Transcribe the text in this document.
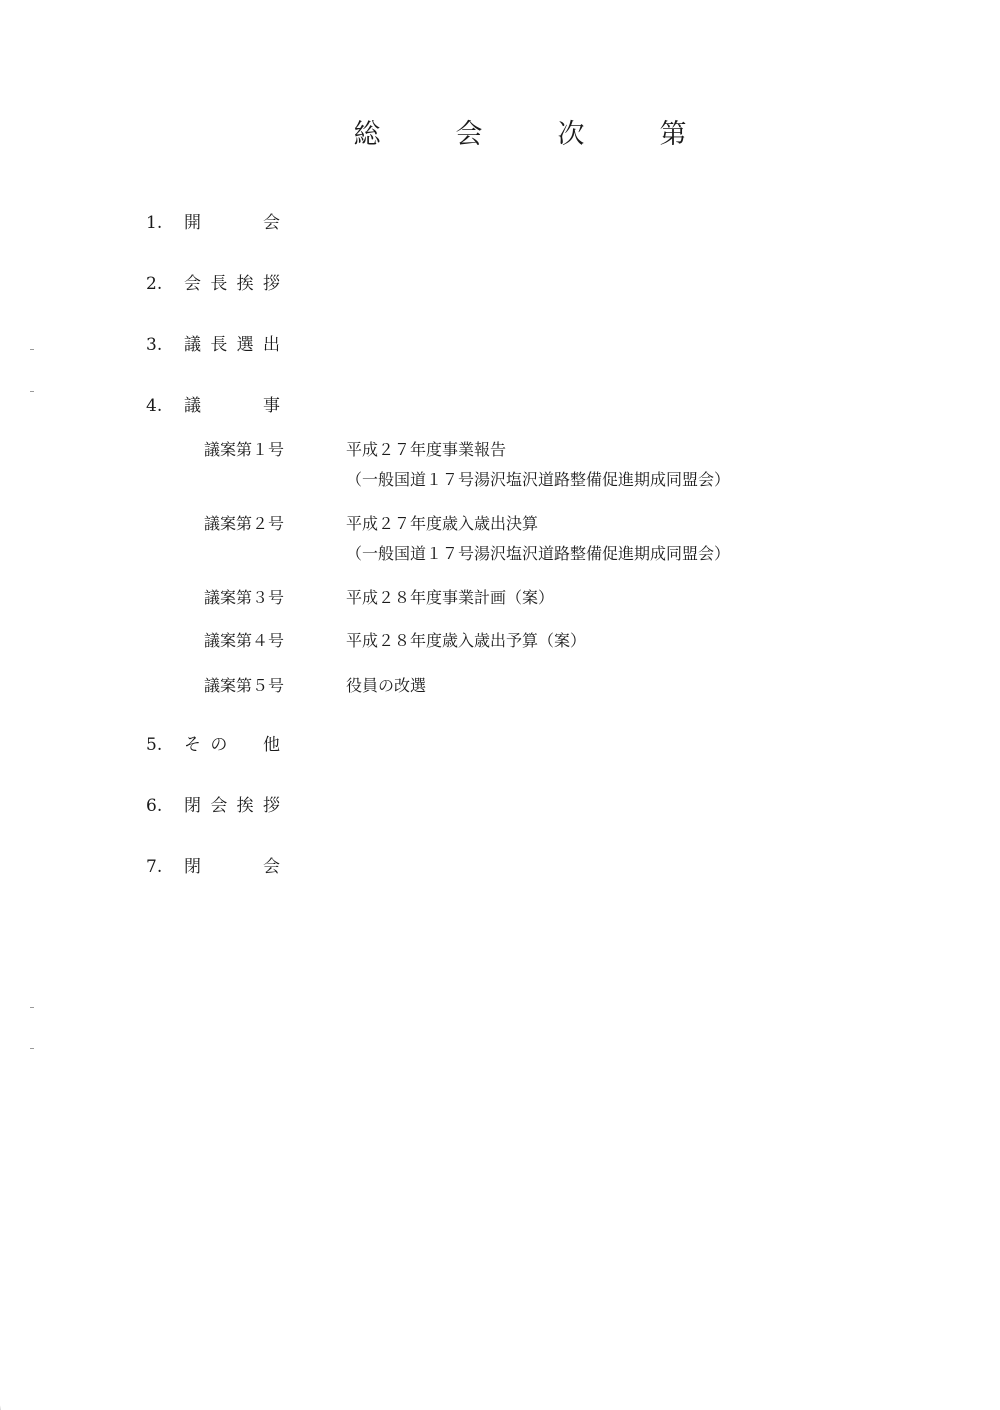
総	会	次	第
1.	開	会
2.	会 長 挨 拶
3.	議 長 選 出
4.	議	事
議案第１号	平成２７年度事業報告
（一般国道１７号湯沢塩沢道路整備促進期成同盟会）
議案第２号	平成２７年度歳入歳出決算
（一般国道１７号湯沢塩沢道路整備促進期成同盟会）
議案第３号	平成２８年度事業計画（案）
議案第４号	平成２８年度歳入歳出予算（案）
議案第５号	役員の改選
5.	そ の 他
6.	閉 会 挨 拶
7.	閉	会
